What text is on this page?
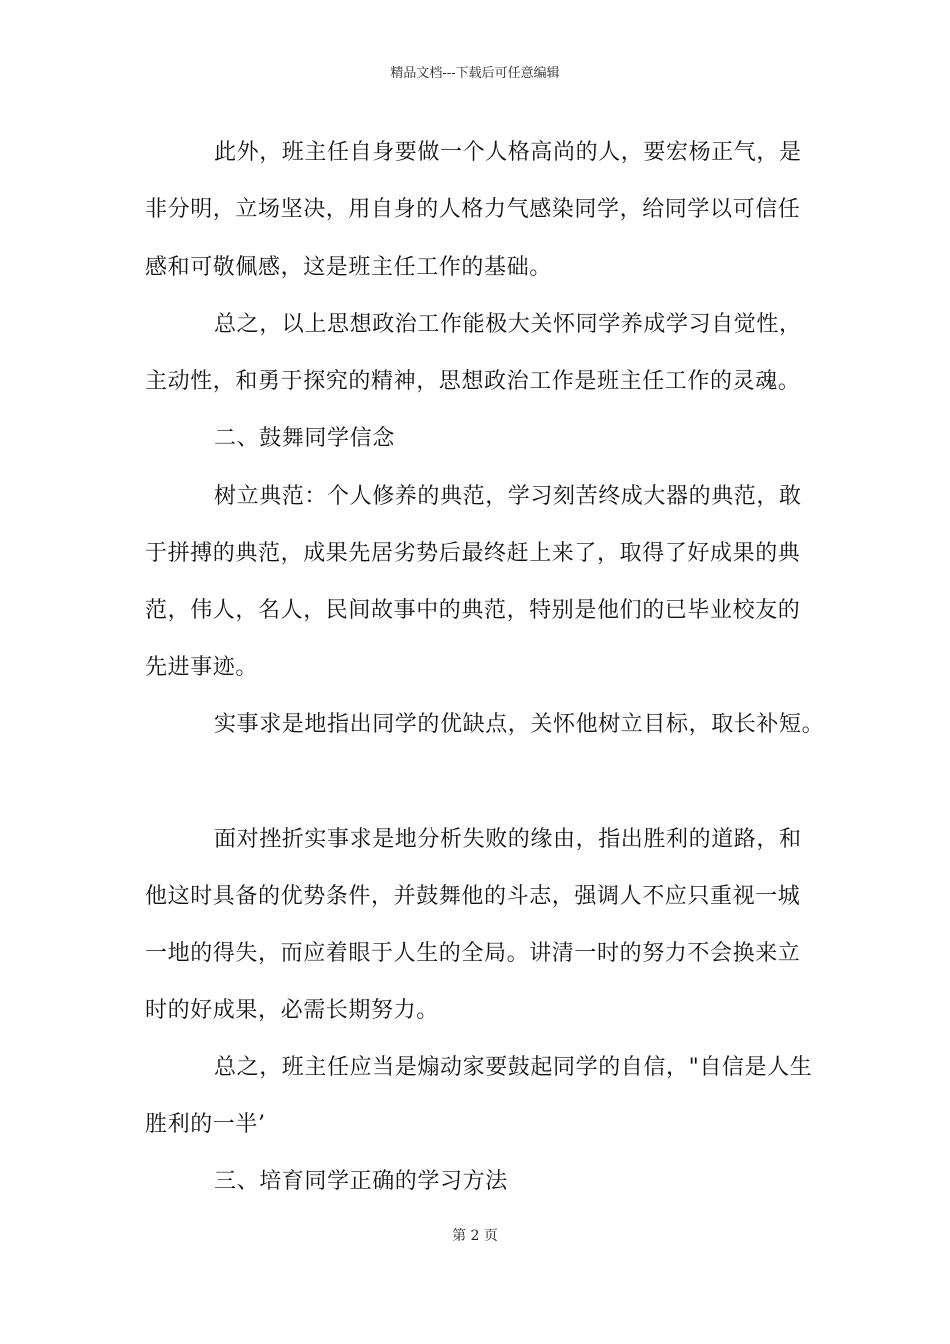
精品文档---下载后可任意编辑
此外，班主任自身要做一个人格高尚的人，要宏杨正气，是
非分明，立场坚决，用自身的人格力气感染同学，给同学以可信任
感和可敬佩感，这是班主任工作的基础。
总之，以上思想政治工作能极大关怀同学养成学习自觉性，
主动性，和勇于探究的精神，思想政治工作是班主任工作的灵魂。
二、鼓舞同学信念
树立典范：个人修养的典范，学习刻苦终成大器的典范，敢
于拼搏的典范，成果先居劣势后最终赶上来了，取得了好成果的典
范，伟人，名人，民间故事中的典范，特别是他们的已毕业校友的
先进事迹。
实事求是地指出同学的优缺点，关怀他树立目标，取长补短。
面对挫折实事求是地分析失败的缘由，指出胜利的道路，和
他这时具备的优势条件，并鼓舞他的斗志，强调人不应只重视一城
一地的得失，而应着眼于人生的全局。讲清一时的努力不会换来立
时的好成果，必需长期努力。
总之，班主任应当是煽动家要鼓起同学的自信，"自信是人生
胜利的一半’
三、培育同学正确的学习方法
第 2 页
